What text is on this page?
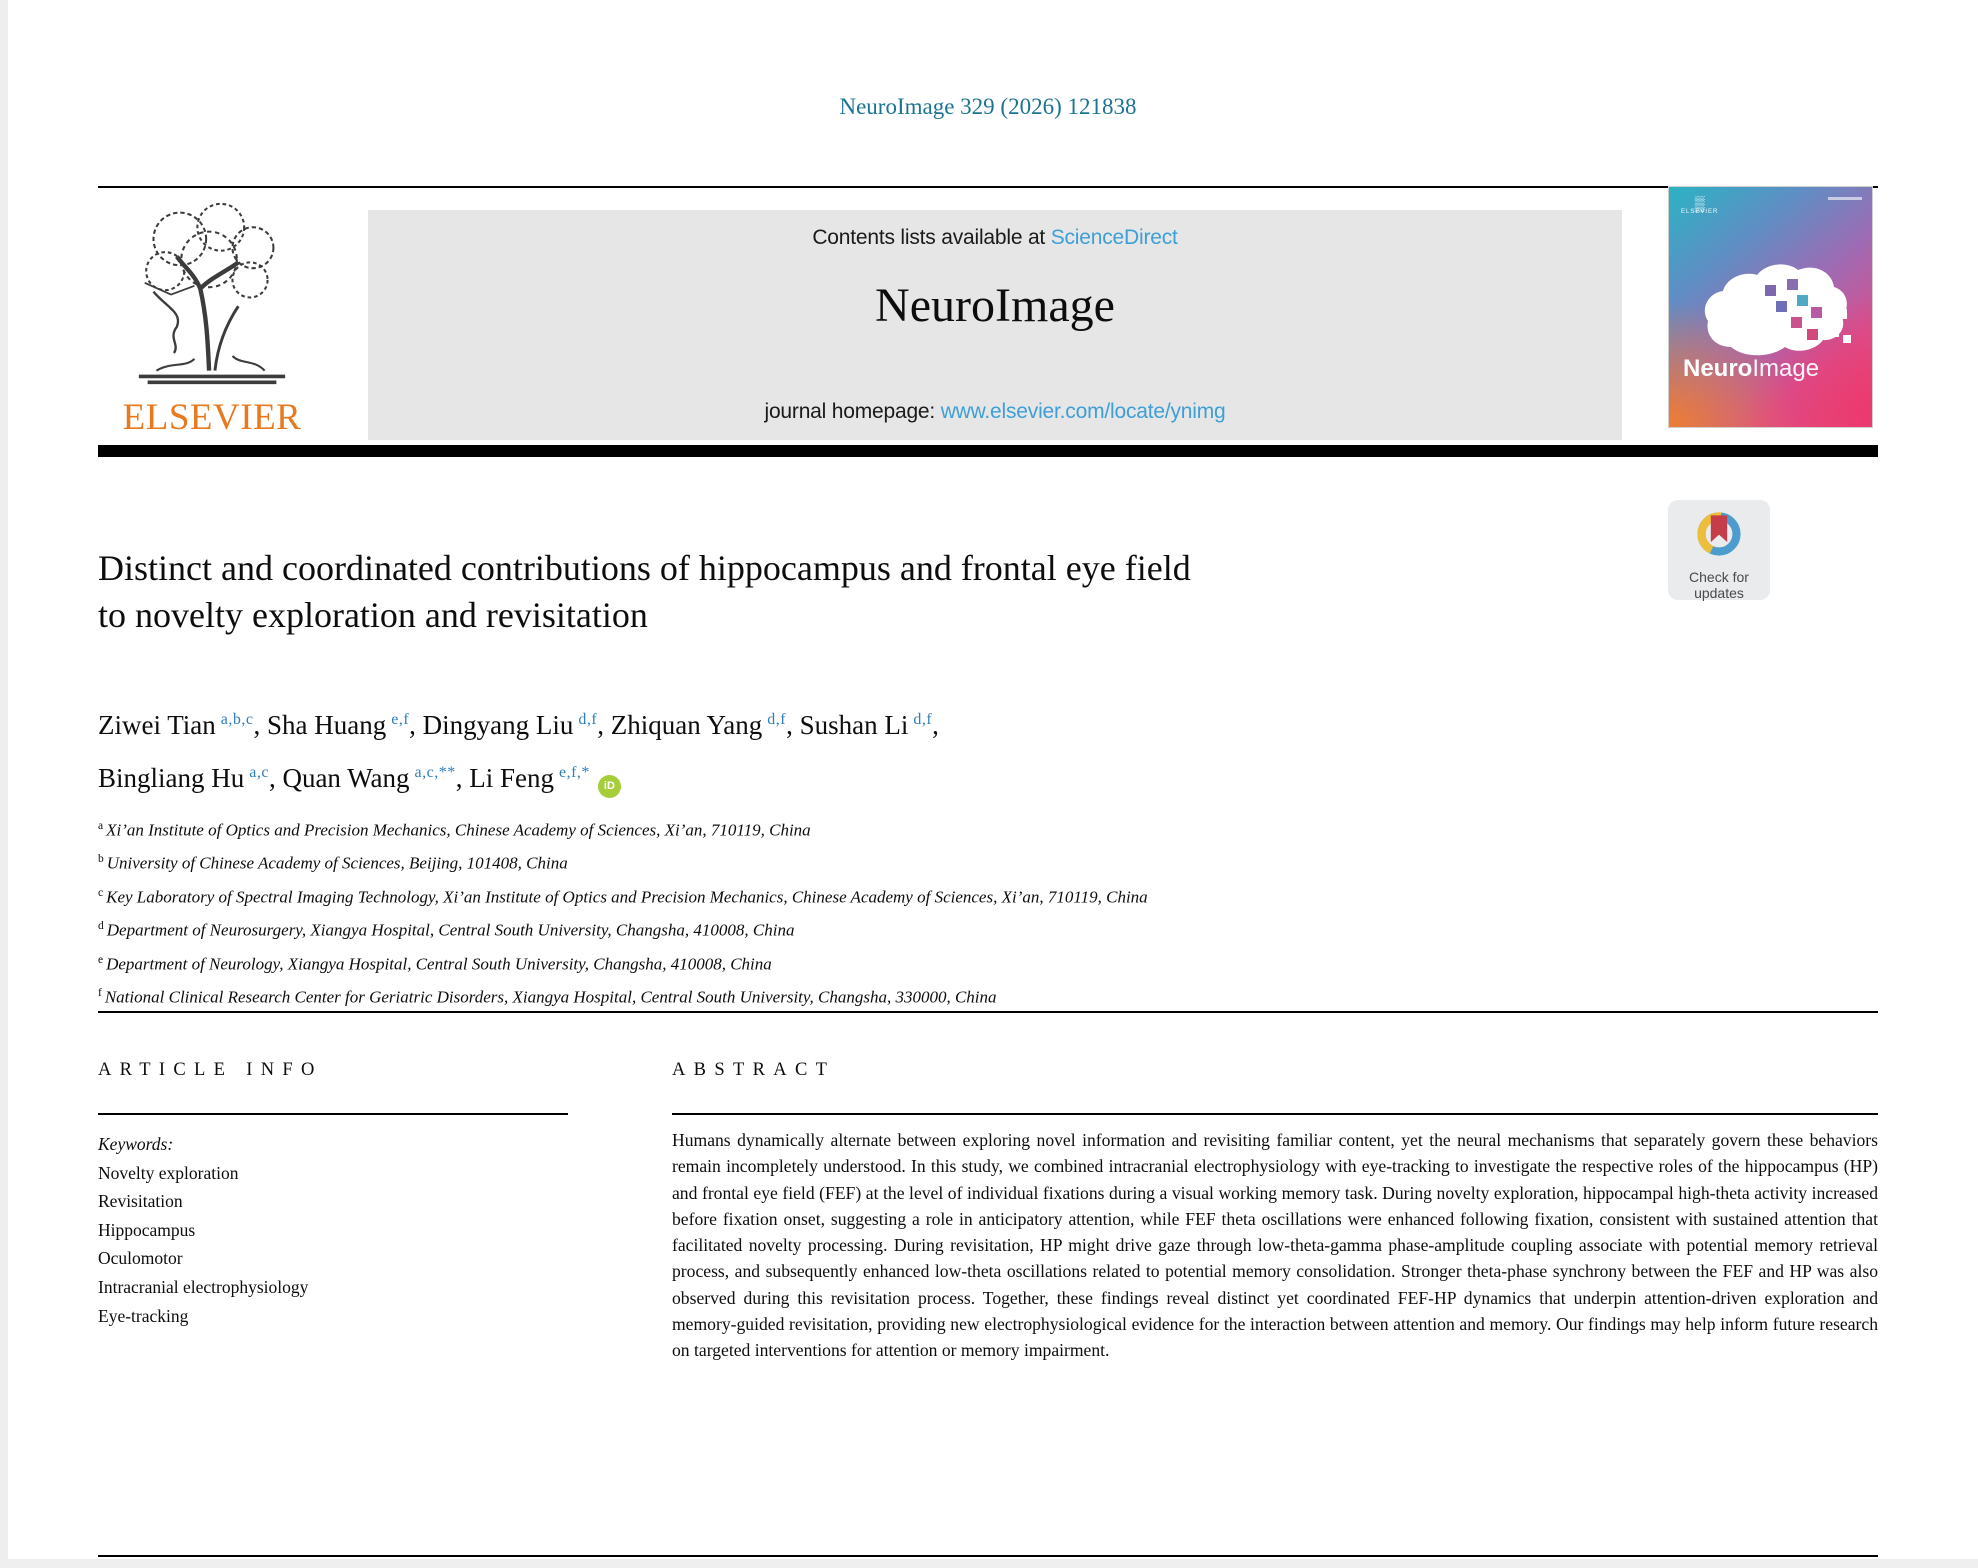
NeuroImage 329 (2026) 121838
ELSEVIER
Contents lists available at ScienceDirect
NeuroImage
journal homepage: www.elsevier.com/locate/ynimg
▒
ELSEVIER
NeuroImage
Check for
updates
Distinct and coordinated contributions of hippocampus and frontal eye field
to novelty exploration and revisitation
Ziwei Tian $^{a,b,c}$, Sha Huang $^{e,f}$, Dingyang Liu $^{d,f}$, Zhiquan Yang $^{d,f}$, Sushan Li $^{d,f}$,
Bingliang Hu $^{a,c}$, Quan Wang $^{a,c,**}$, Li Feng $^{e,f,*}$iD
$^a$ Xi’an Institute of Optics and Precision Mechanics, Chinese Academy of Sciences, Xi’an, 710119, China
$^b$ University of Chinese Academy of Sciences, Beijing, 101408, China
$^c$ Key Laboratory of Spectral Imaging Technology, Xi’an Institute of Optics and Precision Mechanics, Chinese Academy of Sciences, Xi’an, 710119, China
$^d$ Department of Neurosurgery, Xiangya Hospital, Central South University, Changsha, 410008, China
$^e$ Department of Neurology, Xiangya Hospital, Central South University, Changsha, 410008, China
$^f$ National Clinical Research Center for Geriatric Disorders, Xiangya Hospital, Central South University, Changsha, 330000, China
ARTICLE INFO
Keywords:
Novelty exploration
Revisitation
Hippocampus
Oculomotor
Intracranial electrophysiology
Eye-tracking
ABSTRACT

Humans dynamically alternate between exploring novel information and revisiting familiar content, yet the neural mechanisms that separately govern these behaviors remain incompletely understood. In this study, we combined intracranial electrophysiology with eye-tracking to investigate the respective roles of the hippocampus (HP) and frontal eye field (FEF) at the level of individual fixations during a visual working memory task. During novelty exploration, hippocampal high-theta activity increased before fixation onset, suggesting a role in anticipatory attention, while FEF theta oscillations were enhanced following fixation, consistent with sustained attention that facilitated novelty processing. During revisitation, HP might drive gaze through low-theta-gamma phase-amplitude coupling associate with potential memory retrieval process, and subsequently enhanced low-theta oscillations related to potential memory consolidation. Stronger theta-phase synchrony between the FEF and HP was also observed during this revisitation process. Together, these findings reveal distinct yet coordinated FEF-HP dynamics that underpin attention-driven exploration and memory-guided revisitation, providing new electrophysiological evidence for the interaction between attention and memory. Our findings may help inform future research on targeted interventions for attention or memory impairment.
